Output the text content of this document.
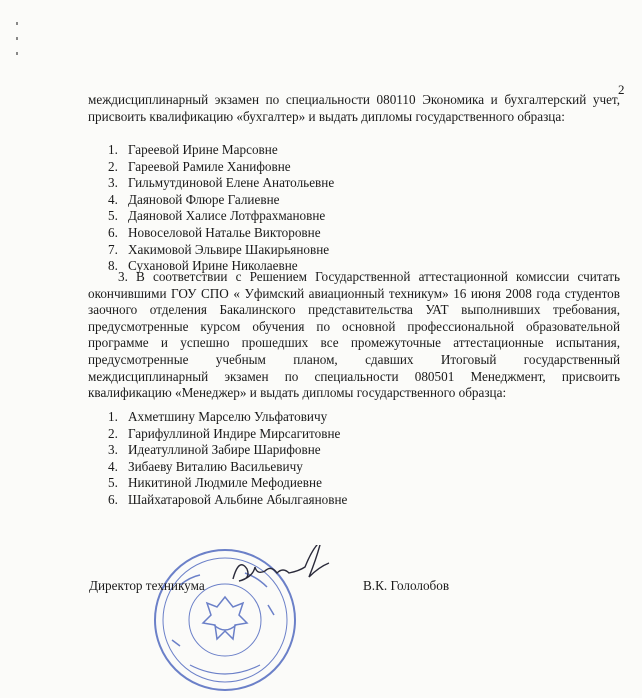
2

междисциплинарный экзамен по специальности 080110 Экономика и бухгалтерский учет, присвоить квалификацию «бухгалтер» и выдать дипломы государственного образца:

1. Гареевой Ирине Марсовне
2. Гареевой Рамиле Ханифовне
3. Гильмутдиновой Елене Анатольевне
4. Даяновой Флюре Галиевне
5. Даяновой Халисе Лотфрахмановне
6. Новоселовой Наталье Викторовне
7. Хакимовой Эльвире Шакирьяновне
8. Сухановой Ирине Николаевне

3. В соответствии с Решением Государственной аттестационной комиссии считать окончившими ГОУ СПО « Уфимский авиационный техникум» 16 июня 2008 года студентов заочного отделения Бакалинского представительства УАТ выполнивших требования, предусмотренные курсом обучения по основной профессиональной образовательной программе и успешно прошедших все промежуточные аттестационные испытания, предусмотренные учебным планом, сдавших Итоговый государственный междисциплинарный экзамен по специальности 080501 Менеджмент, присвоить квалификацию «Менеджер» и выдать дипломы государственного образца:

1. Ахметшину Марселю Ульфатовичу
2. Гарифуллиной Индире Мирсагитовне
3. Идеатуллиной Забире Шарифовне
4. Зибаеву Виталию Васильевичу
5. Никитиной Людмиле Мефодиевне
6. Шайхатаровой Альбине Абылгаяновне
Директор техникума	В.К. Гололобов
